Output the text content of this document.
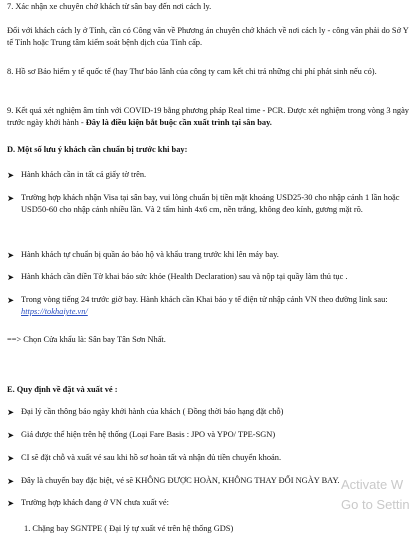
7. Xác nhận xe chuyên chở khách từ sân bay đến nơi cách ly.

Đối với khách cách ly ở Tỉnh, cần có Công văn về Phương án chuyên chở khách về nơi cách ly - công văn phải do Sở Y tế Tỉnh hoặc Trung tâm kiểm soát bệnh dịch của Tỉnh cấp.

8. Hồ sơ Bảo hiểm y tế quốc tế (hay Thư bảo lãnh của công ty cam kết chi trả những chi phí phát sinh nếu có).

9. Kết quả xét nghiệm âm tính với COVID-19 bằng phương pháp Real time - PCR. Được xét nghiệm trong vòng 3 ngày trước ngày khởi hành - Đây là điều kiện bắt buộc cần xuất trình tại sân bay.

D. Một số lưu ý khách cần chuẩn bị trước khi bay:
➤ Hành khách cần in tất cả giấy tờ trên.
➤ Trường hợp khách nhận Visa tại sân bay, vui lòng chuẩn bị tiền mặt khoảng USD25-30 cho nhập cảnh 1 lần hoặc USD50-60 cho nhập cảnh nhiều lần. Và 2 tấm hình 4x6 cm, nền trắng, không đeo kính, gương mặt rõ.
➤ Hành khách tự chuẩn bị quần áo bảo hộ và khẩu trang trước khi lên máy bay.
➤ Hành khách cần điền Tờ khai báo sức khỏe (Health Declaration) sau và nộp tại quầy làm thủ tục .
➤ Trong vòng tiếng 24 trước giờ bay. Hành khách cần Khai báo y tế điện tử nhập cảnh VN theo đường link sau: https://tokhaiyte.vn/
==> Chọn Cửa khẩu là: Sân bay Tân Sơn Nhất.
E. Quy định về đặt và xuất vé :
➤ Đại lý cần thông báo ngày khởi hành của khách ( Đồng thời báo hạng đặt chỗ)
➤ Giá được thể hiện trên hệ thống (Loại Fare Basis : JPO và YPO/ TPE-SGN)
➤ CI sẽ đặt chỗ và xuất vé sau khi hồ sơ hoàn tất và nhận đủ tiền chuyển khoản.
➤ Đây là chuyến bay đặc biệt, vé sẽ KHÔNG ĐƯỢC HOÀN, KHÔNG THAY ĐỔI NGÀY BAY.
➤ Trường hợp khách đang ở VN chưa xuất vé:
1. Chặng bay SGNTPE ( Đại lý tự xuất vé trên hệ thống GDS)
Activate W
Go to Settin
